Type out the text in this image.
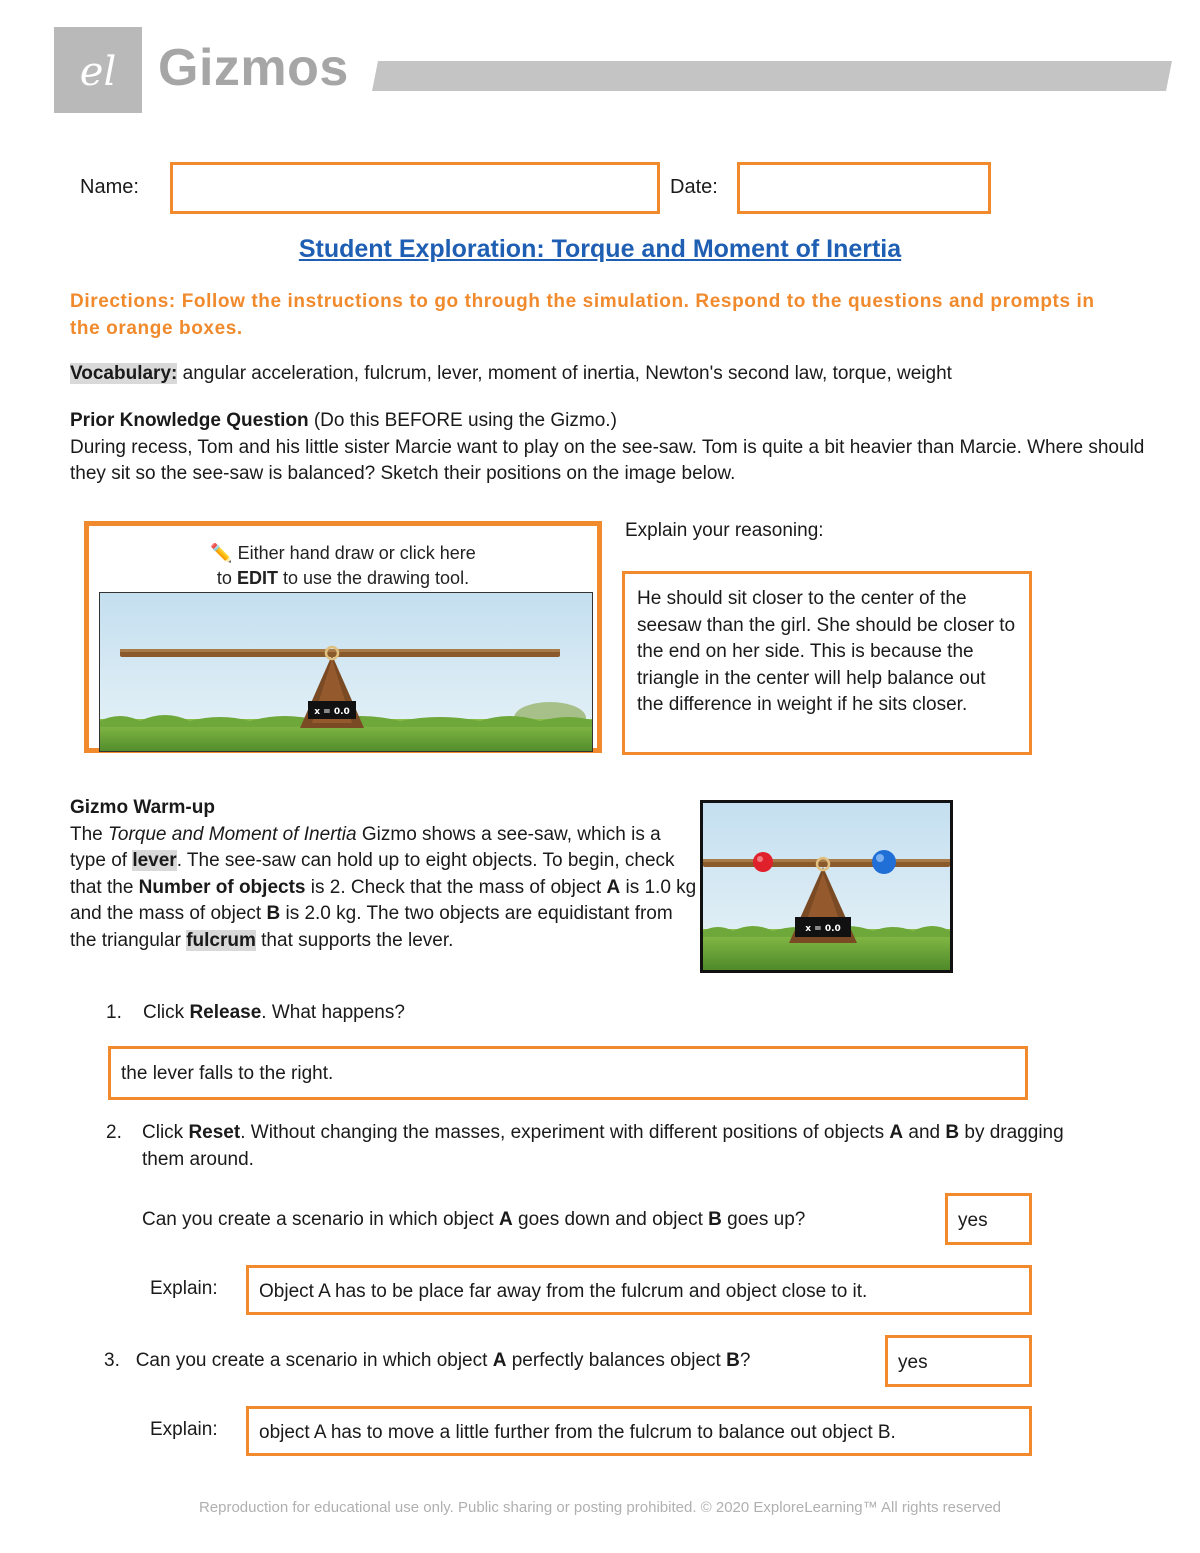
el Gizmos
Name:	Date:
Student Exploration: Torque and Moment of Inertia
Directions: Follow the instructions to go through the simulation. Respond to the questions and prompts in the orange boxes.
Vocabulary: angular acceleration, fulcrum, lever, moment of inertia, Newton's second law, torque, weight
Prior Knowledge Question (Do this BEFORE using the Gizmo.)
During recess, Tom and his little sister Marcie want to play on the see-saw. Tom is quite a bit heavier than Marcie. Where should they sit so the see-saw is balanced? Sketch their positions on the image below.
✏️ Either hand draw or click here
to EDIT to use the drawing tool.
x = 0.0
Explain your reasoning:
He should sit closer to the center of the seesaw than the girl. She should be closer to the end on her side. This is because the triangle in the center will help balance out the difference in weight if he sits closer.
Gizmo Warm-up
The Torque and Moment of Inertia Gizmo shows a see-saw, which is a type of lever. The see-saw can hold up to eight objects. To begin, check that the Number of objects is 2. Check that the mass of object A is 1.0 kg and the mass of object B is 2.0 kg. The two objects are equidistant from the triangular fulcrum that supports the lever.
x = 0.0
1. Click Release. What happens?
the lever falls to the right.
2.	Click Reset. Without changing the masses, experiment with different positions of objects A and B by dragging them around.
Can you create a scenario in which object A goes down and object B goes up?	yes
Explain:	Object A has to be place far away from the fulcrum and object close to it.
3. Can you create a scenario in which object A perfectly balances object B?	yes
Explain:	object A has to move a little further from the fulcrum to balance out object B.
Reproduction for educational use only. Public sharing or posting prohibited. © 2020 ExploreLearning™ All rights reserved
